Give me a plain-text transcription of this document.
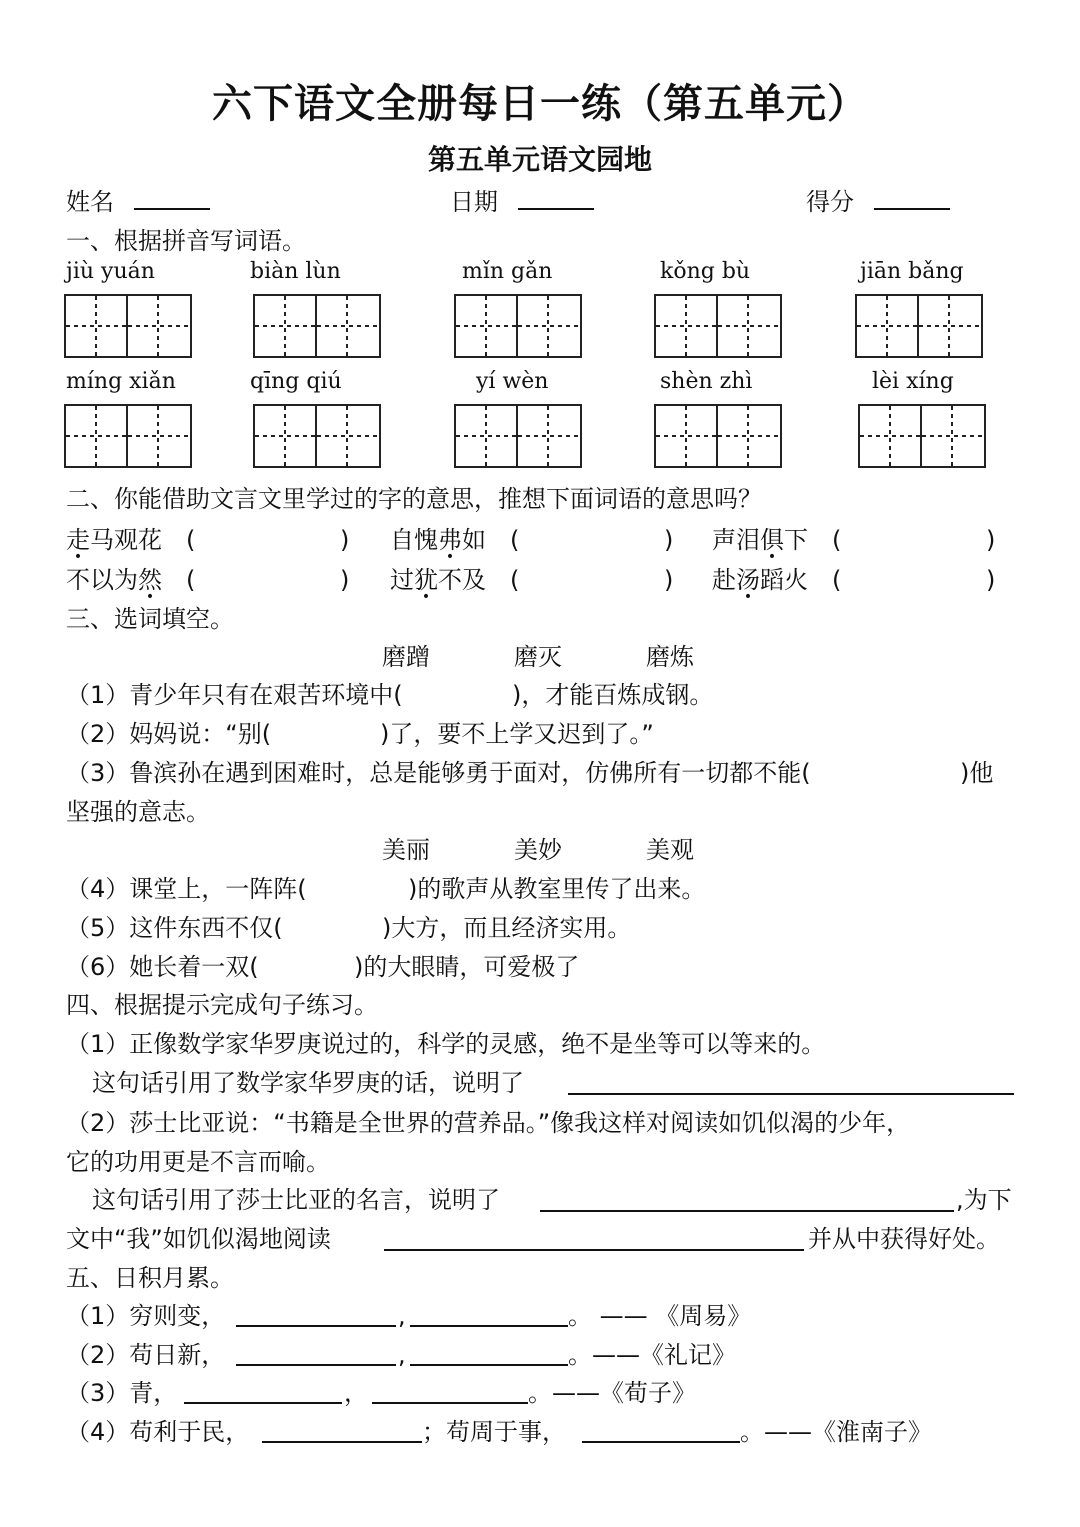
六下语文全册每日一练（第五单元）
第五单元语文园地
姓名	日期	得分
一、根据拼音写词语。
jiù yuán	biàn lùn	mǐn gǎn	kǒng bù	jiān bǎng
míng xiǎn	qīng qiú	yí wèn	shèn zhì	lèi xíng
二、你能借助文言文里学过的字的意思，推想下面词语的意思吗？
走马观花 (	) 自愧弗如 (	) 声泪俱下 (	)
不以为然 (	) 过犹不及 (	) 赴汤蹈火 (	)
三、选词填空。
磨蹭	磨灭	磨炼
（1）青少年只有在艰苦环境中(	)，才能百炼成钢。
（2）妈妈说：“别(	)了，要不上学又迟到了。”
（3）鲁滨孙在遇到困难时，总是能够勇于面对，仿佛所有一切都不能(	)他
坚强的意志。
美丽	美妙	美观
（4）课堂上，一阵阵(	)的歌声从教室里传了出来。
（5）这件东西不仅(	)大方，而且经济实用。
（6）她长着一双(	)的大眼睛，可爱极了
四、根据提示完成句子练习。
（1）正像数学家华罗庚说过的，科学的灵感，绝不是坐等可以等来的。
这句话引用了数学家华罗庚的话，说明了
（2）莎士比亚说：“书籍是全世界的营养品。”像我这样对阅读如饥似渴的少年，
它的功用更是不言而喻。
这句话引用了莎士比亚的名言，说明了	,为下
文中“我”如饥似渴地阅读	并从中获得好处。
五、日积月累。
（1）穷则变，	,	。 —— 《周易》
（2）苟日新，	,	。——《礼记》
（3）青，	，	。——《荀子》
（4）苟利于民，	；苟周于事，	。——《淮南子》
